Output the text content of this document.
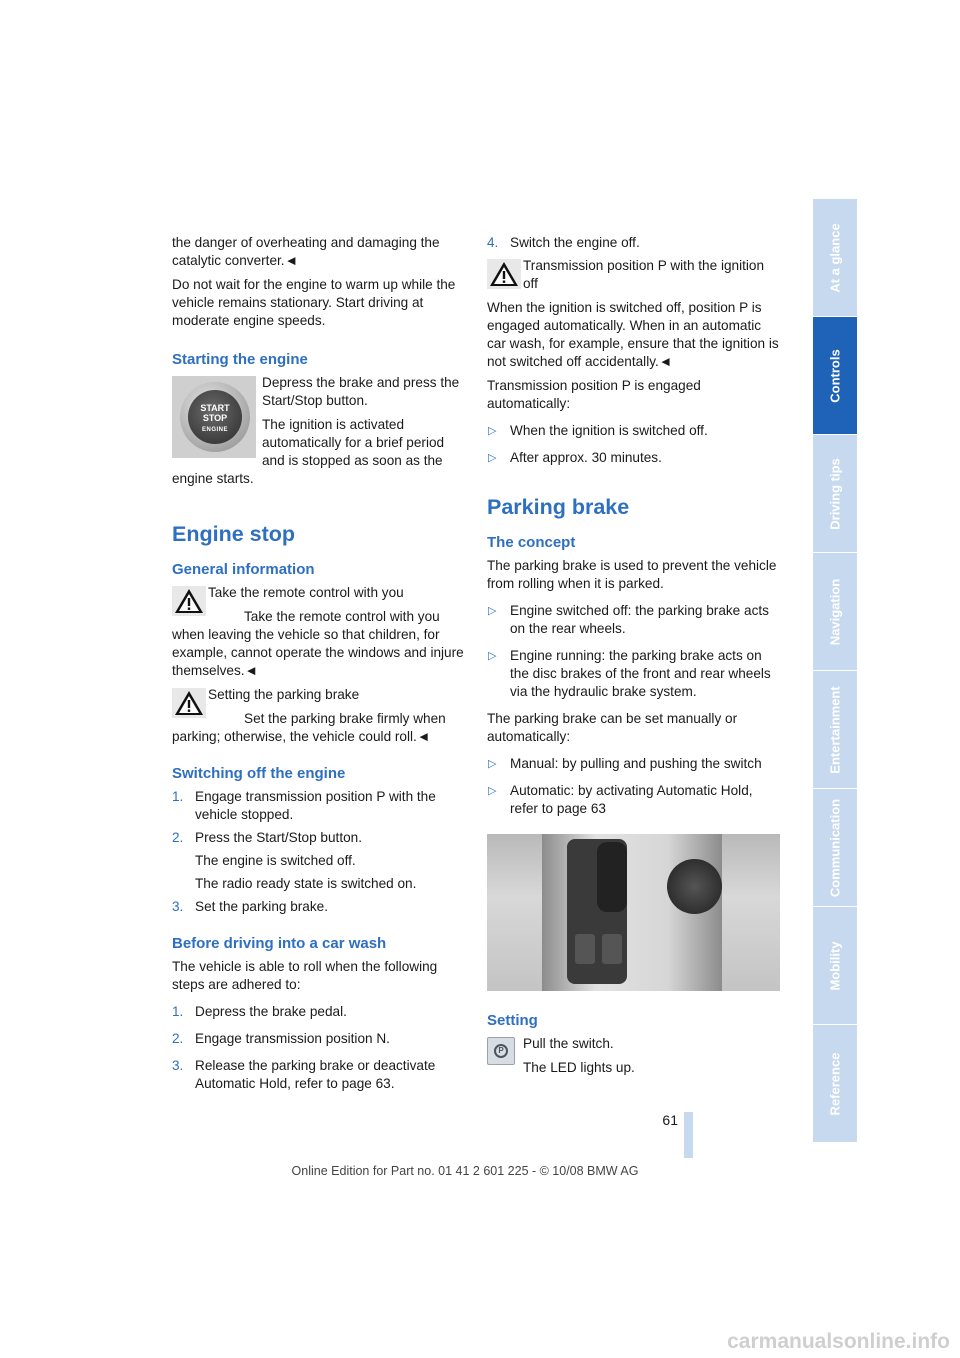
the danger of overheating and damaging the catalytic converter.◄

Do not wait for the engine to warm up while the vehicle remains stationary. Start driving at moderate engine speeds.

Starting the engine
START
STOP
ENGINE

Depress the brake and press the Start/Stop button.

The ignition is activated automatically for a brief period and is stopped as soon as the engine starts.

Engine stop
General information

Take the remote control with you

Take the remote control with you when leaving the vehicle so that children, for example, cannot operate the windows and injure themselves.◄

Setting the parking brake

Set the parking brake firmly when parking; otherwise, the vehicle could roll.◄

Switching off the engine
1. Engage transmission position P with the vehicle stopped.

2. Press the Start/Stop button.

The engine is switched off.

The radio ready state is switched on.

3. Set the parking brake.

Before driving into a car wash

The vehicle is able to roll when the following steps are adhered to:

1. Depress the brake pedal.

2. Engage transmission position N.

3. Release the parking brake or deactivate Automatic Hold, refer to page 63.

4. Switch the engine off.

Transmission position P with the ignition off

When the ignition is switched off, position P is engaged automatically. When in an automatic car wash, for example, ensure that the ignition is not switched off accidentally.◄

Transmission position P is engaged automatically:

▷ When the ignition is switched off.
▷ After approx. 30 minutes.
Parking brake
The concept

The parking brake is used to prevent the vehicle from rolling when it is parked.

▷ Engine switched off: the parking brake acts on the rear wheels.
▷ Engine running: the parking brake acts on the disc brakes of the front and rear wheels via the hydraulic brake system.

The parking brake can be set manually or automatically:

▷ Manual: by pulling and pushing the switch
▷ Automatic: by activating Automatic Hold, refer to page 63
Setting
P	Pull the switch.

The LED lights up.

At a glance
Controls
Driving tips
Navigation
Entertainment
Communication
Mobility
Reference
61
Online Edition for Part no. 01 41 2 601 225 - © 10/08 BMW AG
carmanualsonline.info
